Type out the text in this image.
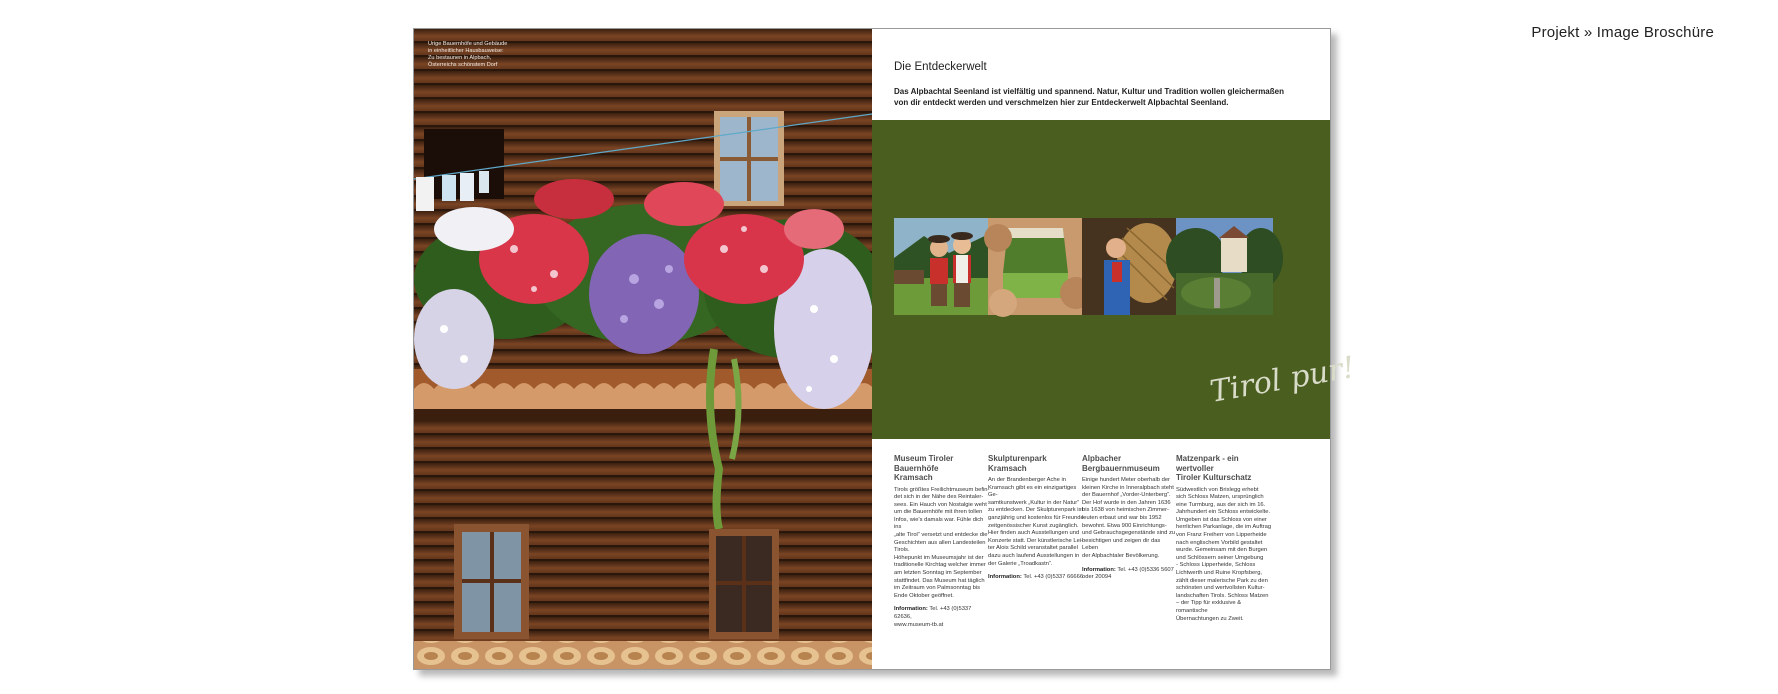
Projekt » Image Broschüre
Urige Bauernhöfe und Gebäude
in einheitlicher Hausbauweise:
Zu bestaunen in Alpbach,
Österreichs schönstem Dorf	Die Entdeckerwelt
Das Alpbachtal Seenland ist vielfältig und spannend. Natur, Kultur und Tradition wollen gleichermaßen
von dir entdeckt werden und verschmelzen hier zur Entdeckerwelt Alpbachtal Seenland.
Tirol pur!
Museum Tiroler Bauernhöfe
Kramsach
Tirols größtes Freilichtmuseum befin-
det sich in der Nähe des Reintaler-
sees. Ein Hauch von Nostalgie weht
um die Bauernhöfe mit ihren tollen
Infos, wie's damals war. Fühle dich ins
„alte Tirol“ versetzt und entdecke die
Geschichten aus allen Landesteilen
Tirols.
Höhepunkt im Museumsjahr ist der
traditionelle Kirchtag welcher immer
am letzten Sonntag im September
stattfindet. Das Museum hat täglich
im Zeitraum von Palmsonntag bis
Ende Oktober geöffnet.
Information: Tel. +43 (0)5337 62636,
www.museum-tb.at
Skulpturenpark
Kramsach
An der Brandenberger Ache in
Kramsach gibt es ein einzigartiges Ge-
samtkunstwerk „Kultur in der Natur“
zu entdecken. Der Skulpturenpark ist
ganzjährig und kostenlos für Freunde
zeitgenössischer Kunst zugänglich.
Hier finden auch Ausstellungen und
Konzerte statt. Der künstlerische Lei-
ter Alois Schild veranstaltet parallel
dazu auch laufend Ausstellungen in
der Galerie „Troadkastn“.
Information: Tel. +43 (0)5337 66666
Alpbacher
Bergbauernmuseum
Einige hundert Meter oberhalb der
kleinen Kirche in Inneralpbach steht
der Bauernhof „Vorder-Unterberg“.
Der Hof wurde in den Jahren 1636
bis 1638 von heimischen Zimmer-
leuten erbaut und war bis 1952
bewohnt. Etwa 900 Einrichtungs-
und Gebrauchsgegenstände sind zu
besichtigen und zeigen dir das Leben
der Alpbachtaler Bevölkerung.
Information: Tel. +43 (0)5336 5607
oder 20094
Matzenpark - ein wertvoller
Tiroler Kulturschatz
Südwestlich von Brixlegg erhebt
sich Schloss Matzen, ursprünglich
eine Turmburg, aus der sich im 16.
Jahrhundert ein Schloss entwickelte.
Umgeben ist das Schloss von einer
herrlichen Parkanlage, die im Auftrag
von Franz Freiherr von Lipperheide
nach englischem Vorbild gestaltet
wurde. Gemeinsam mit den Burgen
und Schlössern seiner Umgebung
- Schloss Lipperheide, Schloss
Lichtwerth und Ruine Kropfsberg,
zählt dieser malerische Park zu den
schönsten und wertvollsten Kultur-
landschaften Tirols. Schloss Matzen
– der Tipp für exklusive & romantische
Übernachtungen zu Zweit.
